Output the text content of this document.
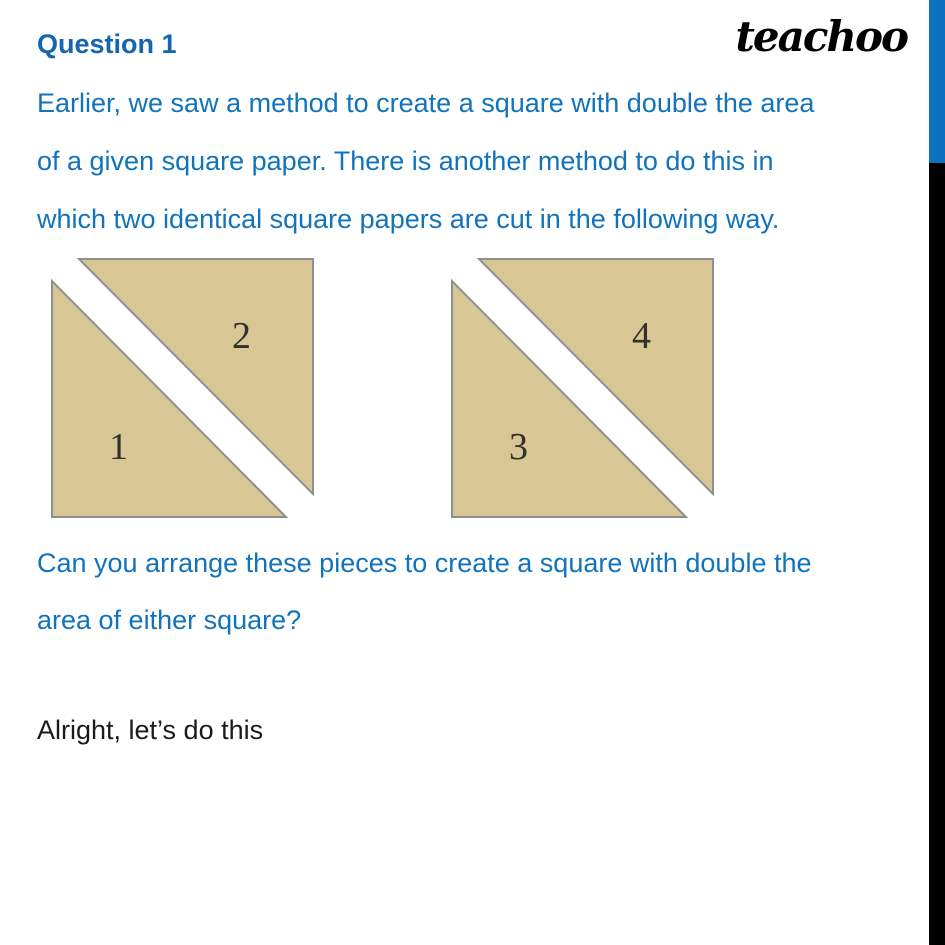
Question 1	teachoo
Earlier, we saw a method to create a square with double the area
of a given square paper. There is another method to do this in
which two identical square papers are cut in the following way.
1
2
3
4
Can you arrange these pieces to create a square with double the
area of either square?
Alright, let’s do this
